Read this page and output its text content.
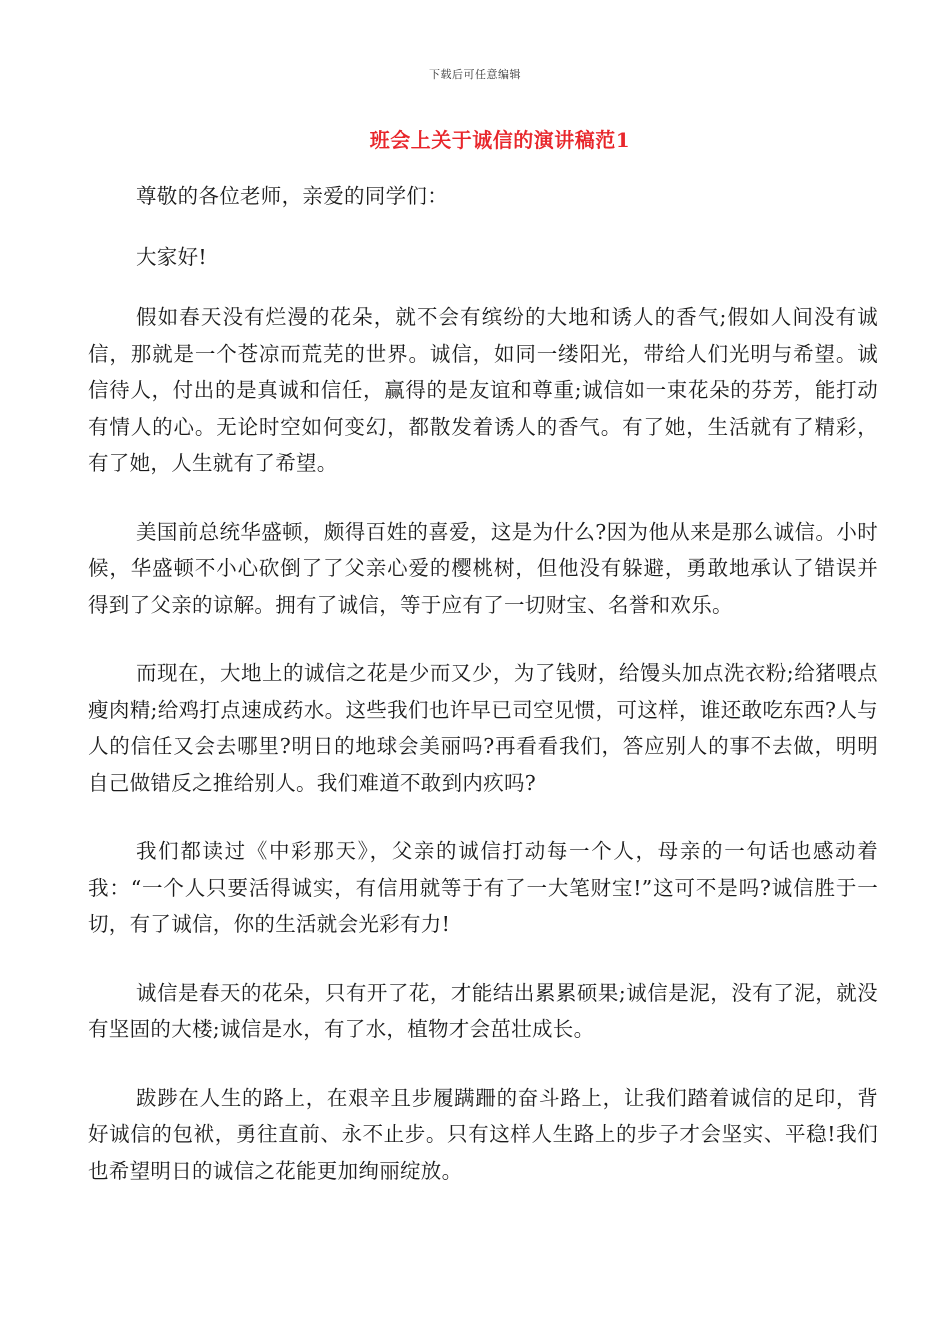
下载后可任意编辑
班会上关于诚信的演讲稿范1

尊敬的各位老师，亲爱的同学们：

大家好!

假如春天没有烂漫的花朵，就不会有缤纷的大地和诱人的香气;假如人间没有诚信，那就是一个苍凉而荒芜的世界。诚信，如同一缕阳光，带给人们光明与希望。诚信待人，付出的是真诚和信任，赢得的是友谊和尊重;诚信如一束花朵的芬芳，能打动有情人的心。无论时空如何变幻，都散发着诱人的香气。有了她，生活就有了精彩，有了她，人生就有了希望。

美国前总统华盛顿，颇得百姓的喜爱，这是为什么?因为他从来是那么诚信。小时候，华盛顿不小心砍倒了了父亲心爱的樱桃树，但他没有躲避，勇敢地承认了错误并得到了父亲的谅解。拥有了诚信，等于应有了一切财宝、名誉和欢乐。

而现在，大地上的诚信之花是少而又少，为了钱财，给馒头加点洗衣粉;给猪喂点瘦肉精;给鸡打点速成药水。这些我们也许早已司空见惯，可这样，谁还敢吃东西?人与人的信任又会去哪里?明日的地球会美丽吗?再看看我们，答应别人的事不去做，明明自己做错反之推给别人。我们难道不敢到内疚吗?

我们都读过《中彩那天》，父亲的诚信打动每一个人，母亲的一句话也感动着我：“一个人只要活得诚实，有信用就等于有了一大笔财宝!”这可不是吗?诚信胜于一切，有了诚信，你的生活就会光彩有力!

诚信是春天的花朵，只有开了花，才能结出累累硕果;诚信是泥，没有了泥，就没有坚固的大楼;诚信是水，有了水，植物才会茁壮成长。

跋踄在人生的路上，在艰辛且步履蹒跚的奋斗路上，让我们踏着诚信的足印，背好诚信的包袱，勇往直前、永不止步。只有这样人生路上的步子才会坚实、平稳!我们也希望明日的诚信之花能更加绚丽绽放。
